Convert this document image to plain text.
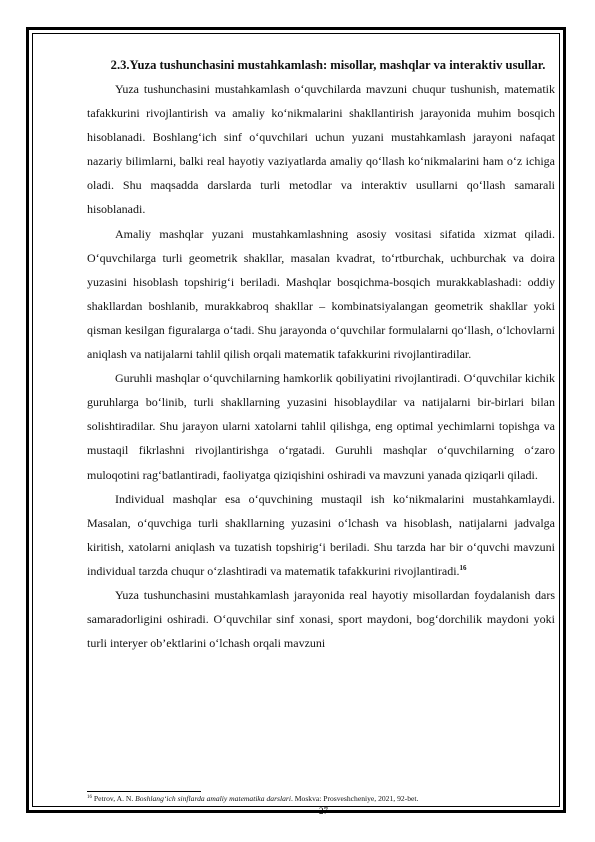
2.3.Yuza tushunchasini mustahkamlash: misollar, mashqlar va interaktiv usullar.

Yuza tushunchasini mustahkamlash o‘quvchilarda mavzuni chuqur tushunish, matematik tafakkurini rivojlantirish va amaliy ko‘nikmalarini shakllantirish jarayonida muhim bosqich hisoblanadi. Boshlang‘ich sinf o‘quvchilari uchun yuzani mustahkamlash jarayoni nafaqat nazariy bilimlarni, balki real hayotiy vaziyatlarda amaliy qo‘llash ko‘nikmalarini ham o‘z ichiga oladi. Shu maqsadda darslarda turli metodlar va interaktiv usullarni qo‘llash samarali hisoblanadi.

Amaliy mashqlar yuzani mustahkamlashning asosiy vositasi sifatida xizmat qiladi. O‘quvchilarga turli geometrik shakllar, masalan kvadrat, to‘rtburchak, uchburchak va doira yuzasini hisoblash topshirig‘i beriladi. Mashqlar bosqichma-bosqich murakkablashadi: oddiy shakllardan boshlanib, murakkabroq shakllar – kombinatsiyalangan geometrik shakllar yoki qisman kesilgan figuralarga o‘tadi. Shu jarayonda o‘quvchilar formulalarni qo‘llash, o‘lchovlarni aniqlash va natijalarni tahlil qilish orqali matematik tafakkurini rivojlantiradilar.

Guruhli mashqlar o‘quvchilarning hamkorlik qobiliyatini rivojlantiradi. O‘quvchilar kichik guruhlarga bo‘linib, turli shakllarning yuzasini hisoblaydilar va natijalarni bir-birlari bilan solishtiradilar. Shu jarayon ularni xatolarni tahlil qilishga, eng optimal yechimlarni topishga va mustaqil fikrlashni rivojlantirishga o‘rgatadi. Guruhli mashqlar o‘quvchilarning o‘zaro muloqotini rag‘batlantiradi, faoliyatga qiziqishini oshiradi va mavzuni yanada qiziqarli qiladi.

Individual mashqlar esa o‘quvchining mustaqil ish ko‘nikmalarini mustahkamlaydi. Masalan, o‘quvchiga turli shakllarning yuzasini o‘lchash va hisoblash, natijalarni jadvalga kiritish, xatolarni aniqlash va tuzatish topshirig‘i beriladi. Shu tarzda har bir o‘quvchi mavzuni individual tarzda chuqur o‘zlashtiradi va matematik tafakkurini rivojlantiradi.$^{16}$

Yuza tushunchasini mustahkamlash jarayonida real hayotiy misollardan foydalanish dars samaradorligini oshiradi. O‘quvchilar sinf xonasi, sport maydoni, bog‘dorchilik maydoni yoki turli interyer ob’ektlarini o‘lchash orqali mavzuni

$^{16}$ Petrov, A. N. Boshlang‘ich sinflarda amaliy matematika darslari. Moskva: Prosveshcheniye, 2021, 92-bet.
27
